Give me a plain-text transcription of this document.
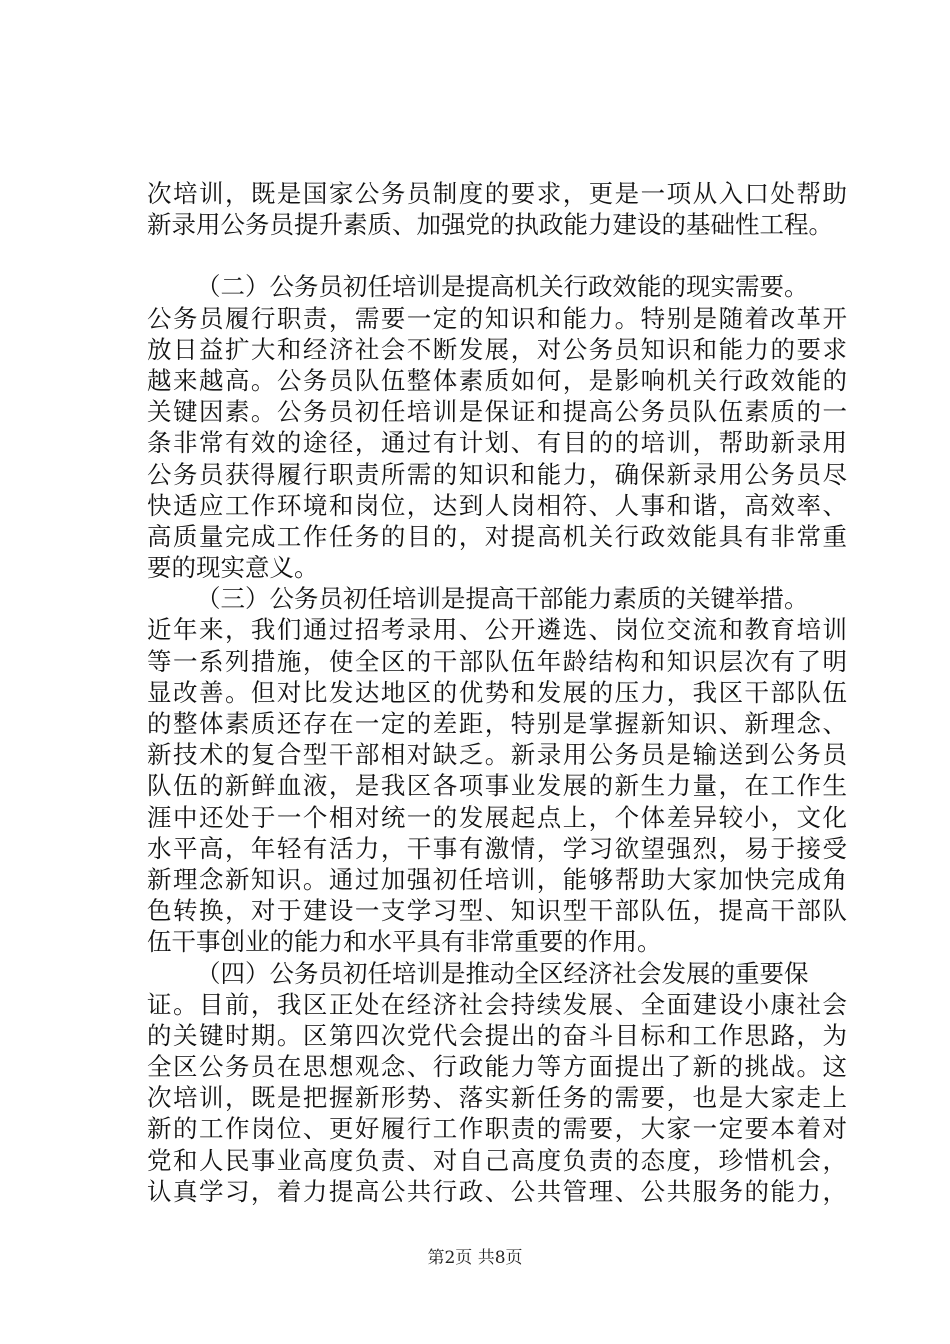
次培训，既是国家公务员制度的要求，更是一项从入口处帮助
新录用公务员提升素质、加强党的执政能力建设的基础性工程。
（二）公务员初任培训是提高机关行政效能的现实需要。
公务员履行职责，需要一定的知识和能力。特别是随着改革开
放日益扩大和经济社会不断发展，对公务员知识和能力的要求
越来越高。公务员队伍整体素质如何，是影响机关行政效能的
关键因素。公务员初任培训是保证和提高公务员队伍素质的一
条非常有效的途径，通过有计划、有目的的培训，帮助新录用
公务员获得履行职责所需的知识和能力，确保新录用公务员尽
快适应工作环境和岗位，达到人岗相符、人事和谐，高效率、
高质量完成工作任务的目的，对提高机关行政效能具有非常重
要的现实意义。
（三）公务员初任培训是提高干部能力素质的关键举措。
近年来，我们通过招考录用、公开遴选、岗位交流和教育培训
等一系列措施，使全区的干部队伍年龄结构和知识层次有了明
显改善。但对比发达地区的优势和发展的压力，我区干部队伍
的整体素质还存在一定的差距，特别是掌握新知识、新理念、
新技术的复合型干部相对缺乏。新录用公务员是输送到公务员
队伍的新鲜血液，是我区各项事业发展的新生力量，在工作生
涯中还处于一个相对统一的发展起点上，个体差异较小，文化
水平高，年轻有活力，干事有激情，学习欲望强烈，易于接受
新理念新知识。通过加强初任培训，能够帮助大家加快完成角
色转换，对于建设一支学习型、知识型干部队伍，提高干部队
伍干事创业的能力和水平具有非常重要的作用。
（四）公务员初任培训是推动全区经济社会发展的重要保
证。目前，我区正处在经济社会持续发展、全面建设小康社会
的关键时期。区第四次党代会提出的奋斗目标和工作思路，为
全区公务员在思想观念、行政能力等方面提出了新的挑战。这
次培训，既是把握新形势、落实新任务的需要，也是大家走上
新的工作岗位、更好履行工作职责的需要，大家一定要本着对
党和人民事业高度负责、对自己高度负责的态度，珍惜机会，
认真学习，着力提高公共行政、公共管理、公共服务的能力，
第2页 共8页
